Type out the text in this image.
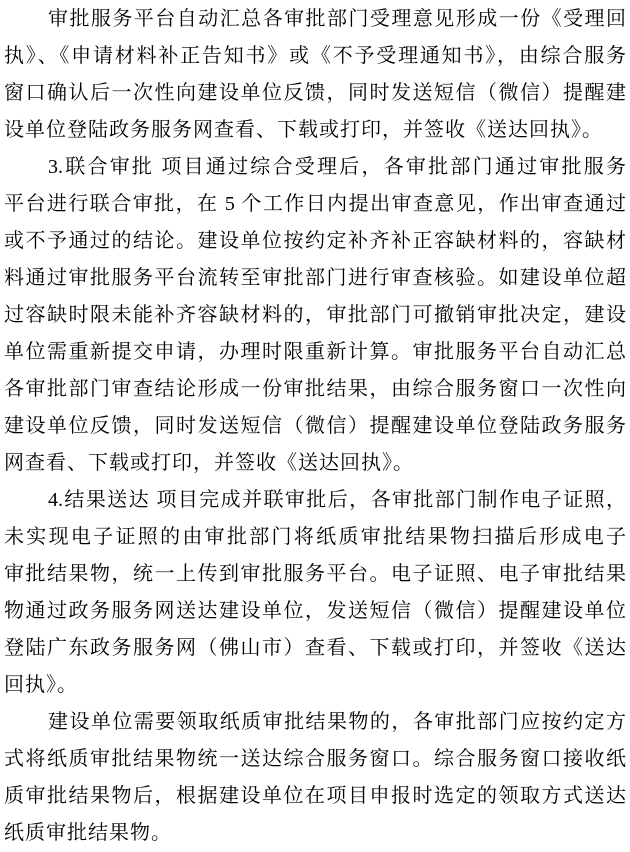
审批服务平台自动汇总各审批部门受理意见形成一份《受理回
执》、《申请材料补正告知书》或《不予受理通知书》，由综合服务
窗口确认后一次性向建设单位反馈，同时发送短信（微信）提醒建
设单位登陆政务服务网查看、下载或打印，并签收《送达回执》。
3.联合审批 项目通过综合受理后，各审批部门通过审批服务
平台进行联合审批，在 5 个工作日内提出审查意见，作出审查通过
或不予通过的结论。建设单位按约定补齐补正容缺材料的，容缺材
料通过审批服务平台流转至审批部门进行审查核验。如建设单位超
过容缺时限未能补齐容缺材料的，审批部门可撤销审批决定，建设
单位需重新提交申请，办理时限重新计算。审批服务平台自动汇总
各审批部门审查结论形成一份审批结果，由综合服务窗口一次性向
建设单位反馈，同时发送短信（微信）提醒建设单位登陆政务服务
网查看、下载或打印，并签收《送达回执》。
4.结果送达 项目完成并联审批后，各审批部门制作电子证照，
未实现电子证照的由审批部门将纸质审批结果物扫描后形成电子
审批结果物，统一上传到审批服务平台。电子证照、电子审批结果
物通过政务服务网送达建设单位，发送短信（微信）提醒建设单位
登陆广东政务服务网（佛山市）查看、下载或打印，并签收《送达
回执》。
建设单位需要领取纸质审批结果物的，各审批部门应按约定方
式将纸质审批结果物统一送达综合服务窗口。综合服务窗口接收纸
质审批结果物后，根据建设单位在项目申报时选定的领取方式送达
纸质审批结果物。
